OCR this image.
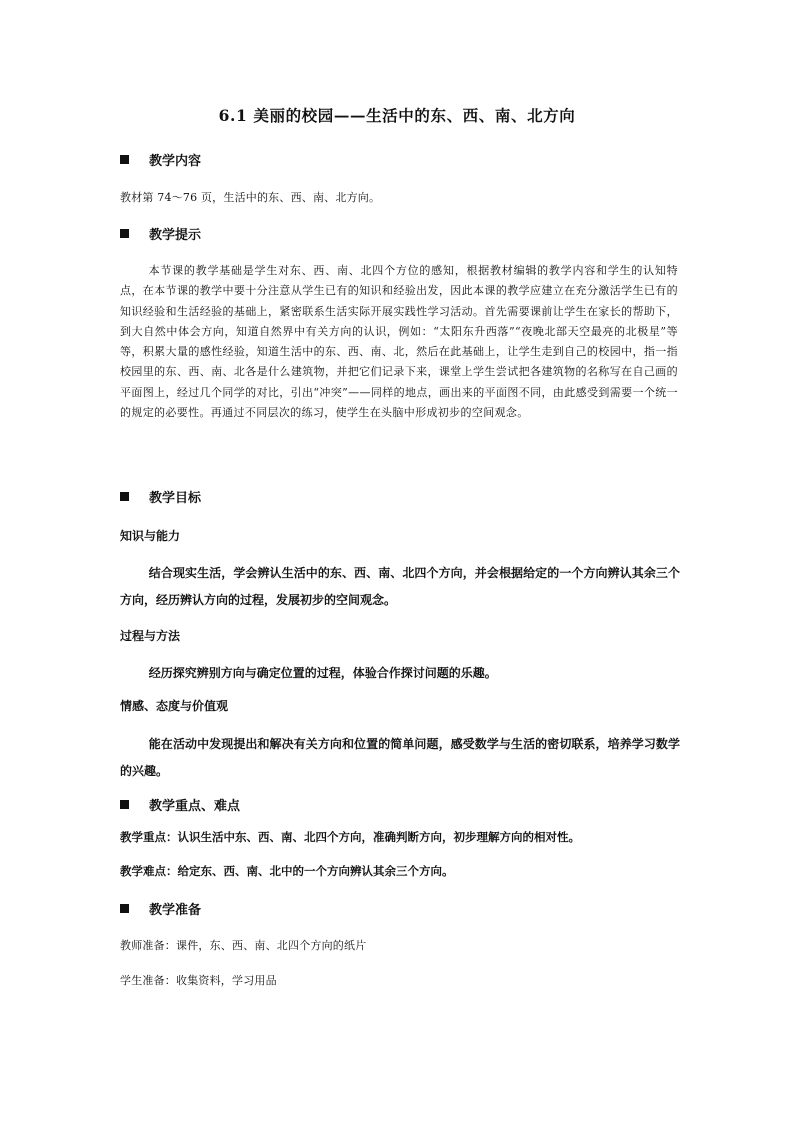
6.1 美丽的校园——生活中的东、西、南、北方向
教学内容
教材第 74～76 页，生活中的东、西、南、北方向。
教学提示
本节课的教学基础是学生对东、西、南、北四个方位的感知，根据教材编辑的教学内容和学生的认知特点，在本节课的教学中要十分注意从学生已有的知识和经验出发，因此本课的教学应建立在充分激活学生已有的知识经验和生活经验的基础上，紧密联系生活实际开展实践性学习活动。首先需要课前让学生在家长的帮助下，到大自然中体会方向，知道自然界中有关方向的认识，例如：“太阳东升西落”“夜晚北部天空最亮的北极星”等等，积累大量的感性经验，知道生活中的东、西、南、北，然后在此基础上，让学生走到自己的校园中，指一指校园里的东、西、南、北各是什么建筑物，并把它们记录下来，课堂上学生尝试把各建筑物的名称写在自己画的平面图上，经过几个同学的对比，引出“冲突”——同样的地点，画出来的平面图不同，由此感受到需要一个统一的规定的必要性。再通过不同层次的练习，使学生在头脑中形成初步的空间观念。
教学目标
知识与能力
结合现实生活，学会辨认生活中的东、西、南、北四个方向，并会根据给定的一个方向辨认其余三个方向，经历辨认方向的过程，发展初步的空间观念。
过程与方法
经历探究辨别方向与确定位置的过程，体验合作探讨问题的乐趣。
情感、态度与价值观
能在活动中发现提出和解决有关方向和位置的简单问题，感受数学与生活的密切联系，培养学习数学的兴趣。
教学重点、难点
教学重点：认识生活中东、西、南、北四个方向，准确判断方向，初步理解方向的相对性。
教学难点：给定东、西、南、北中的一个方向辨认其余三个方向。
教学准备
教师准备：课件，东、西、南、北四个方向的纸片
学生准备：收集资料，学习用品
